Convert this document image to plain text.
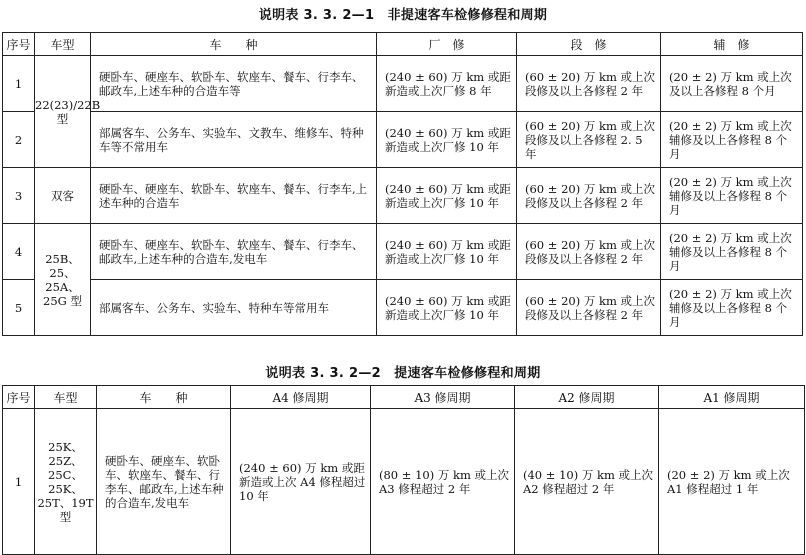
说明表 3. 3. 2—1　非提速客车检修修程和周期
序号	车型	车　　种	厂　修	段　修	辅　修
1	22(23)/22B 型	硬卧车、硬座车、软卧车、软座车、餐车、行李车、邮政车,上述车种的合造车等	(240 ± 60) 万 km 或距新造或上次厂修 8 年	(60 ± 20) 万 km 或上次段修及以上各修程 2 年	(20 ± 2) 万 km 或上次及以上各修程 8 个月
2		部属客车、公务车、实验车、文教车、维修车、特种车等不常用车	(240 ± 60) 万 km 或距新造或上次厂修 10 年	(60 ± 20) 万 km 或上次段修及以上各修程 2. 5 年	(20 ± 2) 万 km 或上次辅修及以上各修程 8 个月
3	双客	硬卧车、硬座车、软卧车、软座车、餐车、行李车,上述车种的合造车	(240 ± 60) 万 km 或距新造或上次厂修 10 年	(60 ± 20) 万 km 或上次段修及以上各修程 2 年	(20 ± 2) 万 km 或上次辅修及以上各修程 8 个月
4	25B、25、25A、25G 型	硬卧车、硬座车、软卧车、软座车、餐车、行李车、邮政车,上述车种的合造车,发电车	(240 ± 60) 万 km 或距新造或上次厂修 10 年	(60 ± 20) 万 km 或上次段修及以上各修程 2 年	(20 ± 2) 万 km 或上次辅修及以上各修程 8 个月
5		部属客车、公务车、实验车、特种车等常用车	(240 ± 60) 万 km 或距新造或上次厂修 10 年	(60 ± 20) 万 km 或上次段修及以上各修程 2 年	(20 ± 2) 万 km 或上次辅修及以上各修程 8 个月
说明表 3. 3. 2—2　提速客车检修修程和周期
序号	车型	车　　种	A4 修周期	A3 修周期	A2 修周期	A1 修周期
1	25K、25Z、25C、25K、25T、19T 型	硬卧车、硬座车、软卧车、软座车、餐车、行李车、邮政车,上述车种的合造车,发电车	(240 ± 60) 万 km 或距新造或上次 A4 修程超过 10 年	(80 ± 10) 万 km 或上次 A3 修程超过 2 年	(40 ± 10) 万 km 或上次 A2 修程超过 2 年	(20 ± 2) 万 km 或上次 A1 修程超过 1 年
